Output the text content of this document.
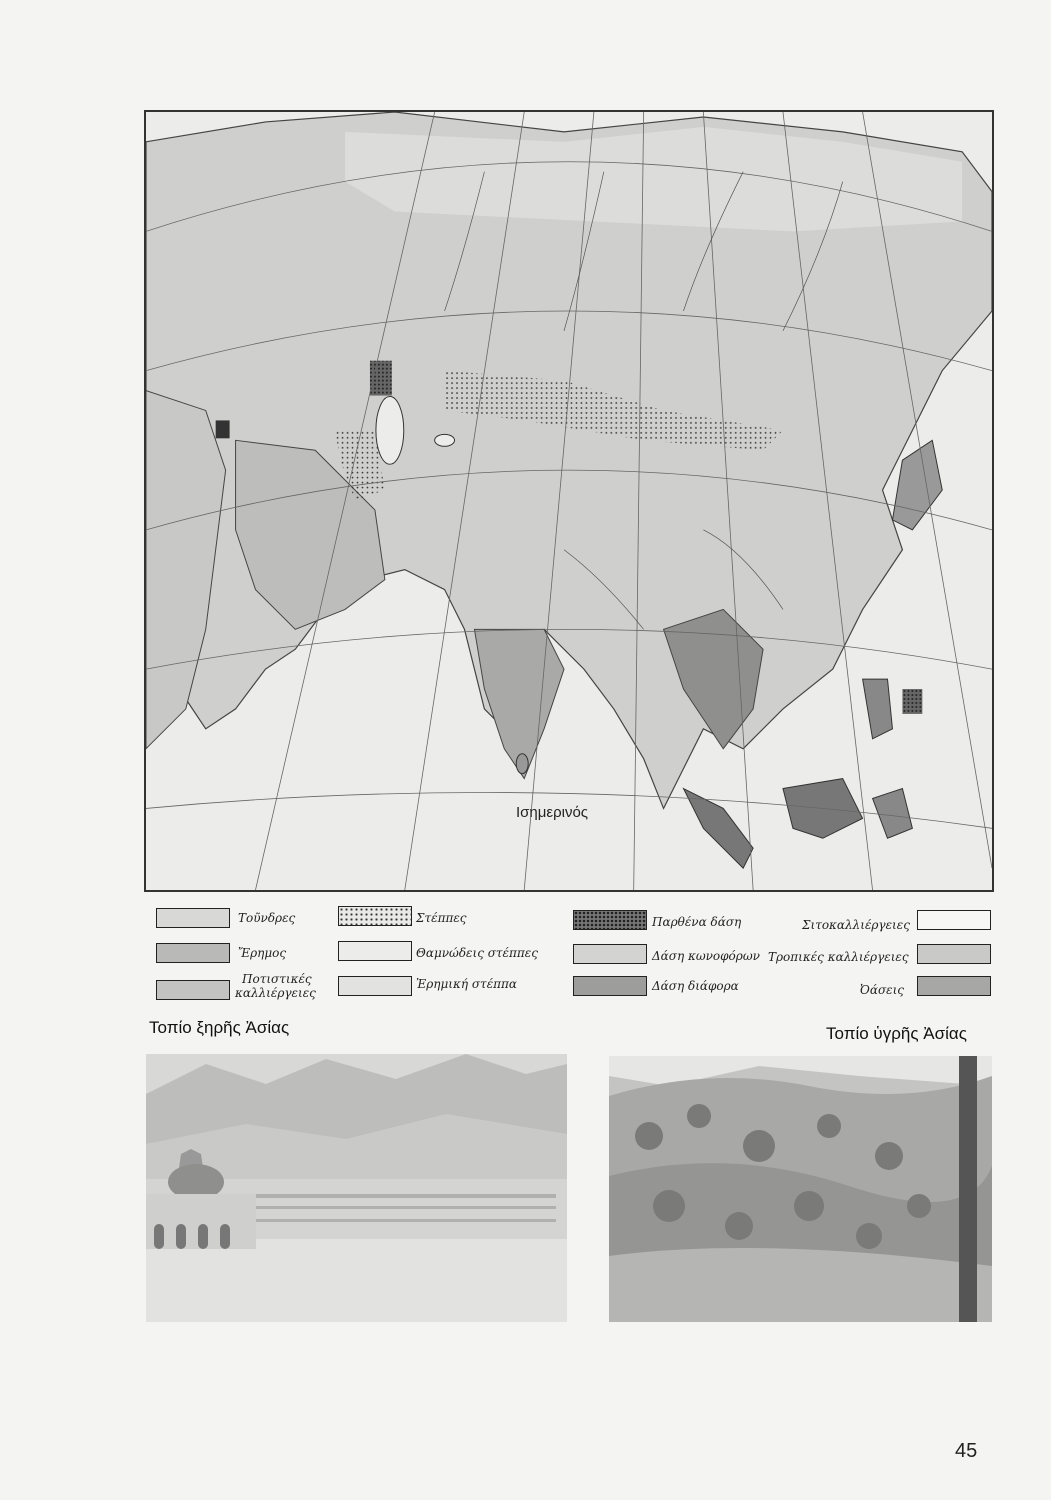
Ισημερινός
Τοῦνδρες
Ἔρημος
Ποτιστικές
καλλιέργειες
Στέππες
Θαμνώδεις στέππες
Ἐρημική στέππα
Παρθένα δάση
Δάση κωνοφόρων
Δάση διάφορα
Σιτοκαλλιέργειες
Τροπικές καλλιέργειες
Ὀάσεις
Τοπίο ξηρῆς Ἀσίας	Τοπίο ὑγρῆς Ἀσίας
45
